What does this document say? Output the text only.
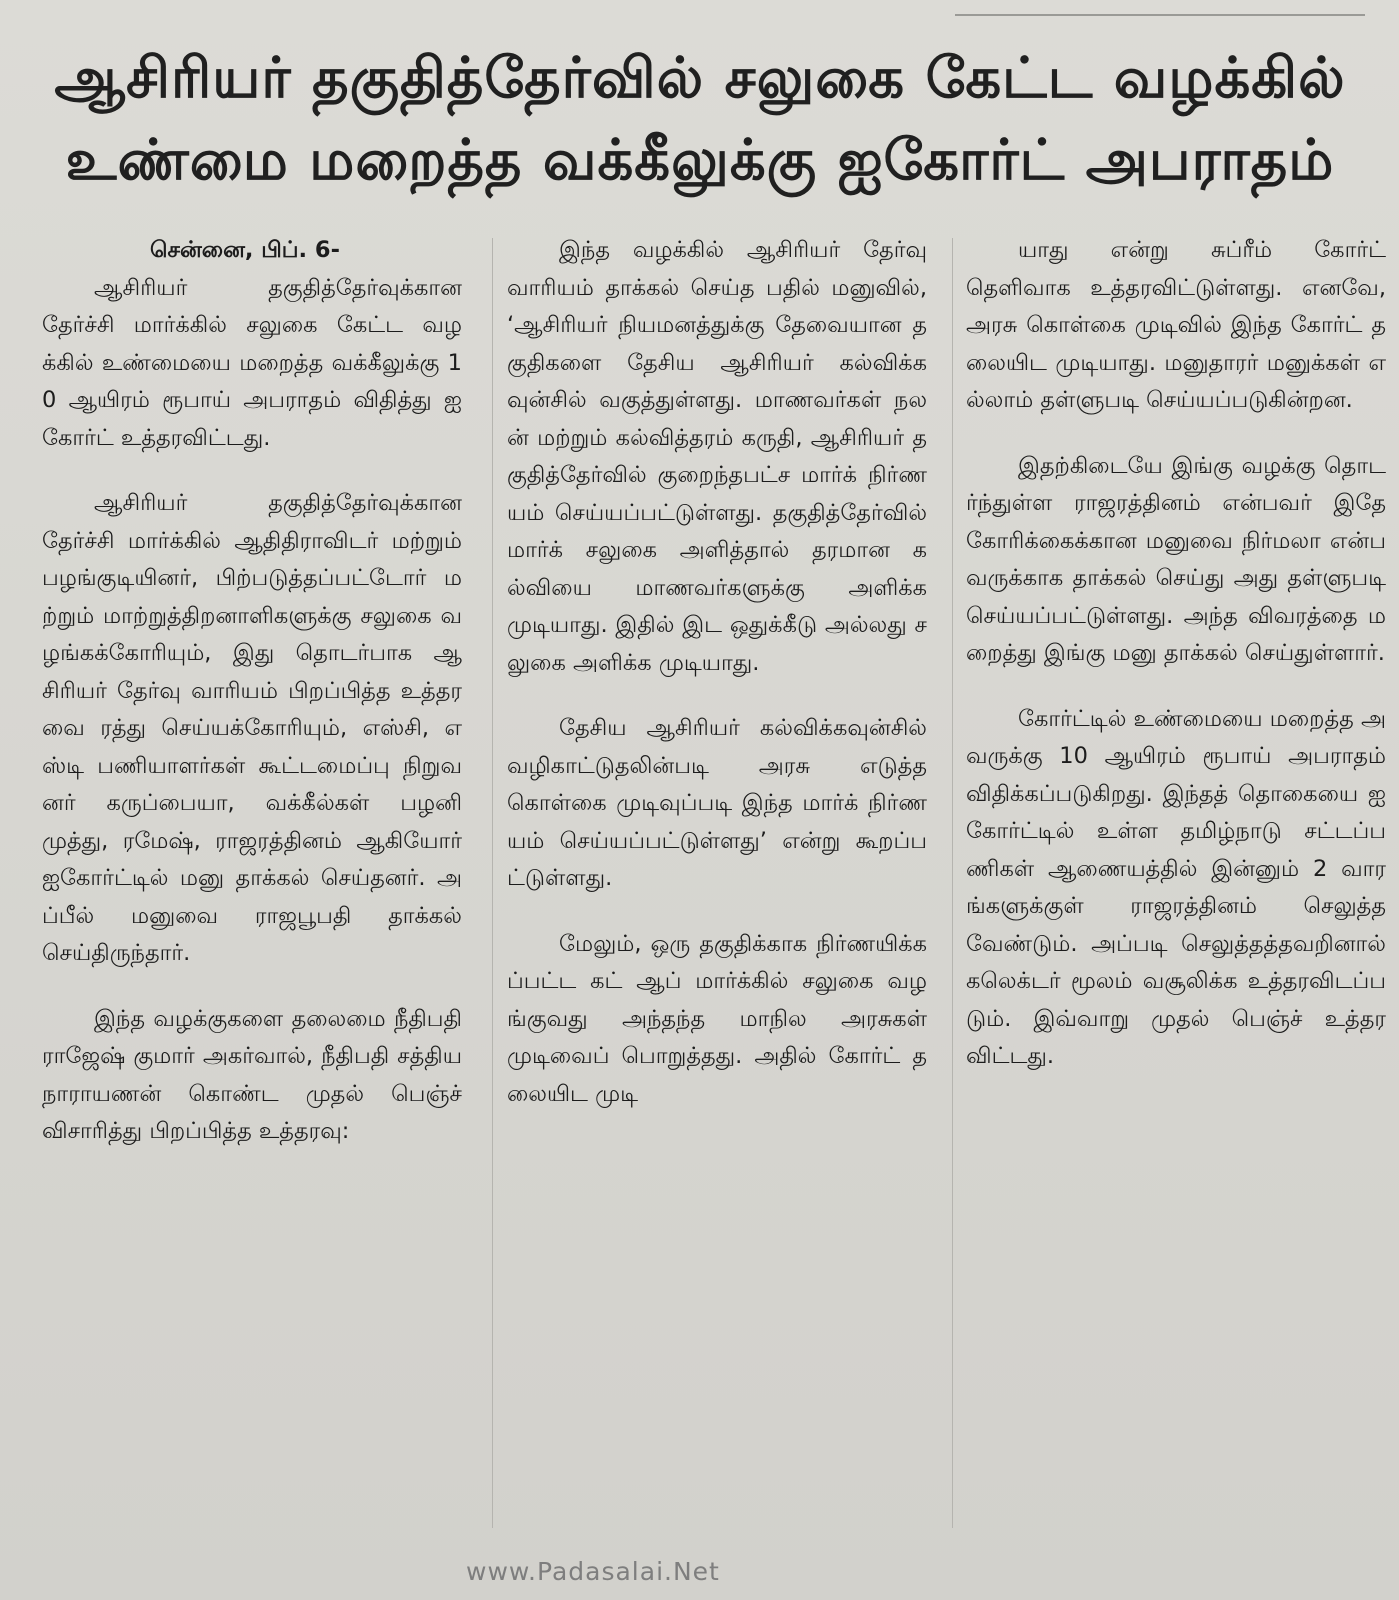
ஆசிரியர் தகுதித்தேர்வில் சலுகை கேட்ட வழக்கில்
உண்மை மறைத்த வக்கீலுக்கு ஐகோர்ட் அபராதம்
சென்னை, பிப். 6-

ஆசிரியர் தகுதித்தேர்வுக்கான தேர்ச்சி மார்க்கில் சலுகை கேட்ட வழக்கில் உண்மையை மறைத்த வக்கீலுக்கு 10 ஆயிரம் ரூபாய் அபராதம் விதித்து ஐகோர்ட் உத்தரவிட்டது.

ஆசிரியர் தகுதித்தேர்வுக்கான தேர்ச்சி மார்க்கில் ஆதிதிராவிடர் மற்றும் பழங்குடியினர், பிற்படுத்தப்பட்டோர் மற்றும் மாற்றுத்திறனாளிகளுக்கு சலுகை வழங்கக்கோரியும், இது தொடர்பாக ஆசிரியர் தேர்வு வாரியம் பிறப்பித்த உத்தரவை ரத்து செய்யக்கோரியும், எஸ்சி, எஸ்டி பணியாளர்கள் கூட்டமைப்பு நிறுவனர் கருப்பையா, வக்கீல்கள் பழனி முத்து, ரமேஷ், ராஜரத்தினம் ஆகியோர் ஐகோர்ட்டில் மனு தாக்கல் செய்தனர். அப்பீல் மனுவை ராஜபூபதி தாக்கல் செய்திருந்தார்.

இந்த வழக்குகளை தலைமை நீதிபதி ராஜேஷ் குமார் அகர்வால், நீதிபதி சத்தியநாராயணன் கொண்ட முதல் பெஞ்ச் விசாரித்து பிறப்பித்த உத்தரவு:

இந்த வழக்கில் ஆசிரியர் தேர்வு வாரியம் தாக்கல் செய்த பதில் மனுவில், ‘ஆசிரியர் நியமனத்துக்கு தேவையான தகுதிகளை தேசிய ஆசிரியர் கல்விக்கவுன்சில் வகுத்துள்ளது. மாணவர்கள் நலன் மற்றும் கல்வித்தரம் கருதி, ஆசிரியர் தகுதித்தேர்வில் குறைந்தபட்ச மார்க் நிர்ணயம் செய்யப்பட்டுள்ளது. தகுதித்தேர்வில் மார்க் சலுகை அளித்தால் தரமான கல்வியை மாணவர்களுக்கு அளிக்க முடியாது. இதில் இட ஒதுக்கீடு அல்லது சலுகை அளிக்க முடியாது.

தேசிய ஆசிரியர் கல்விக்கவுன்சில் வழிகாட்டுதலின்படி அரசு எடுத்த கொள்கை முடிவுப்படி இந்த மார்க் நிர்ணயம் செய்யப்பட்டுள்ளது’ என்று கூறப்பட்டுள்ளது.

மேலும், ஒரு தகுதிக்காக நிர்ணயிக்கப்பட்ட கட் ஆப் மார்க்கில் சலுகை வழங்குவது அந்தந்த மாநில அரசுகள் முடிவைப் பொறுத்தது. அதில் கோர்ட் தலையிட முடி

யாது என்று சுப்ரீம் கோர்ட் தெளிவாக உத்தரவிட்டுள்ளது. எனவே, அரசு கொள்கை முடிவில் இந்த கோர்ட் தலையிட முடியாது. மனுதாரர் மனுக்கள் எல்லாம் தள்ளுபடி செய்யப்படுகின்றன.

இதற்கிடையே இங்கு வழக்கு தொடர்ந்துள்ள ராஜரத்தினம் என்பவர் இதே கோரிக்கைக்கான மனுவை நிர்மலா என்பவருக்காக தாக்கல் செய்து அது தள்ளுபடி செய்யப்பட்டுள்ளது. அந்த விவரத்தை மறைத்து இங்கு மனு தாக்கல் செய்துள்ளார்.

கோர்ட்டில் உண்மையை மறைத்த அவருக்கு 10 ஆயிரம் ரூபாய் அபராதம் விதிக்கப்படுகிறது. இந்தத் தொகையை ஐகோர்ட்டில் உள்ள தமிழ்நாடு சட்டப்பணிகள் ஆணையத்தில் இன்னும் 2 வாரங்களுக்குள் ராஜரத்தினம் செலுத்த வேண்டும். அப்படி செலுத்தத்தவறினால் கலெக்டர் மூலம் வசூலிக்க உத்தரவிடப்படும். இவ்வாறு முதல் பெஞ்ச் உத்தரவிட்டது.

www.Padasalai.Net
